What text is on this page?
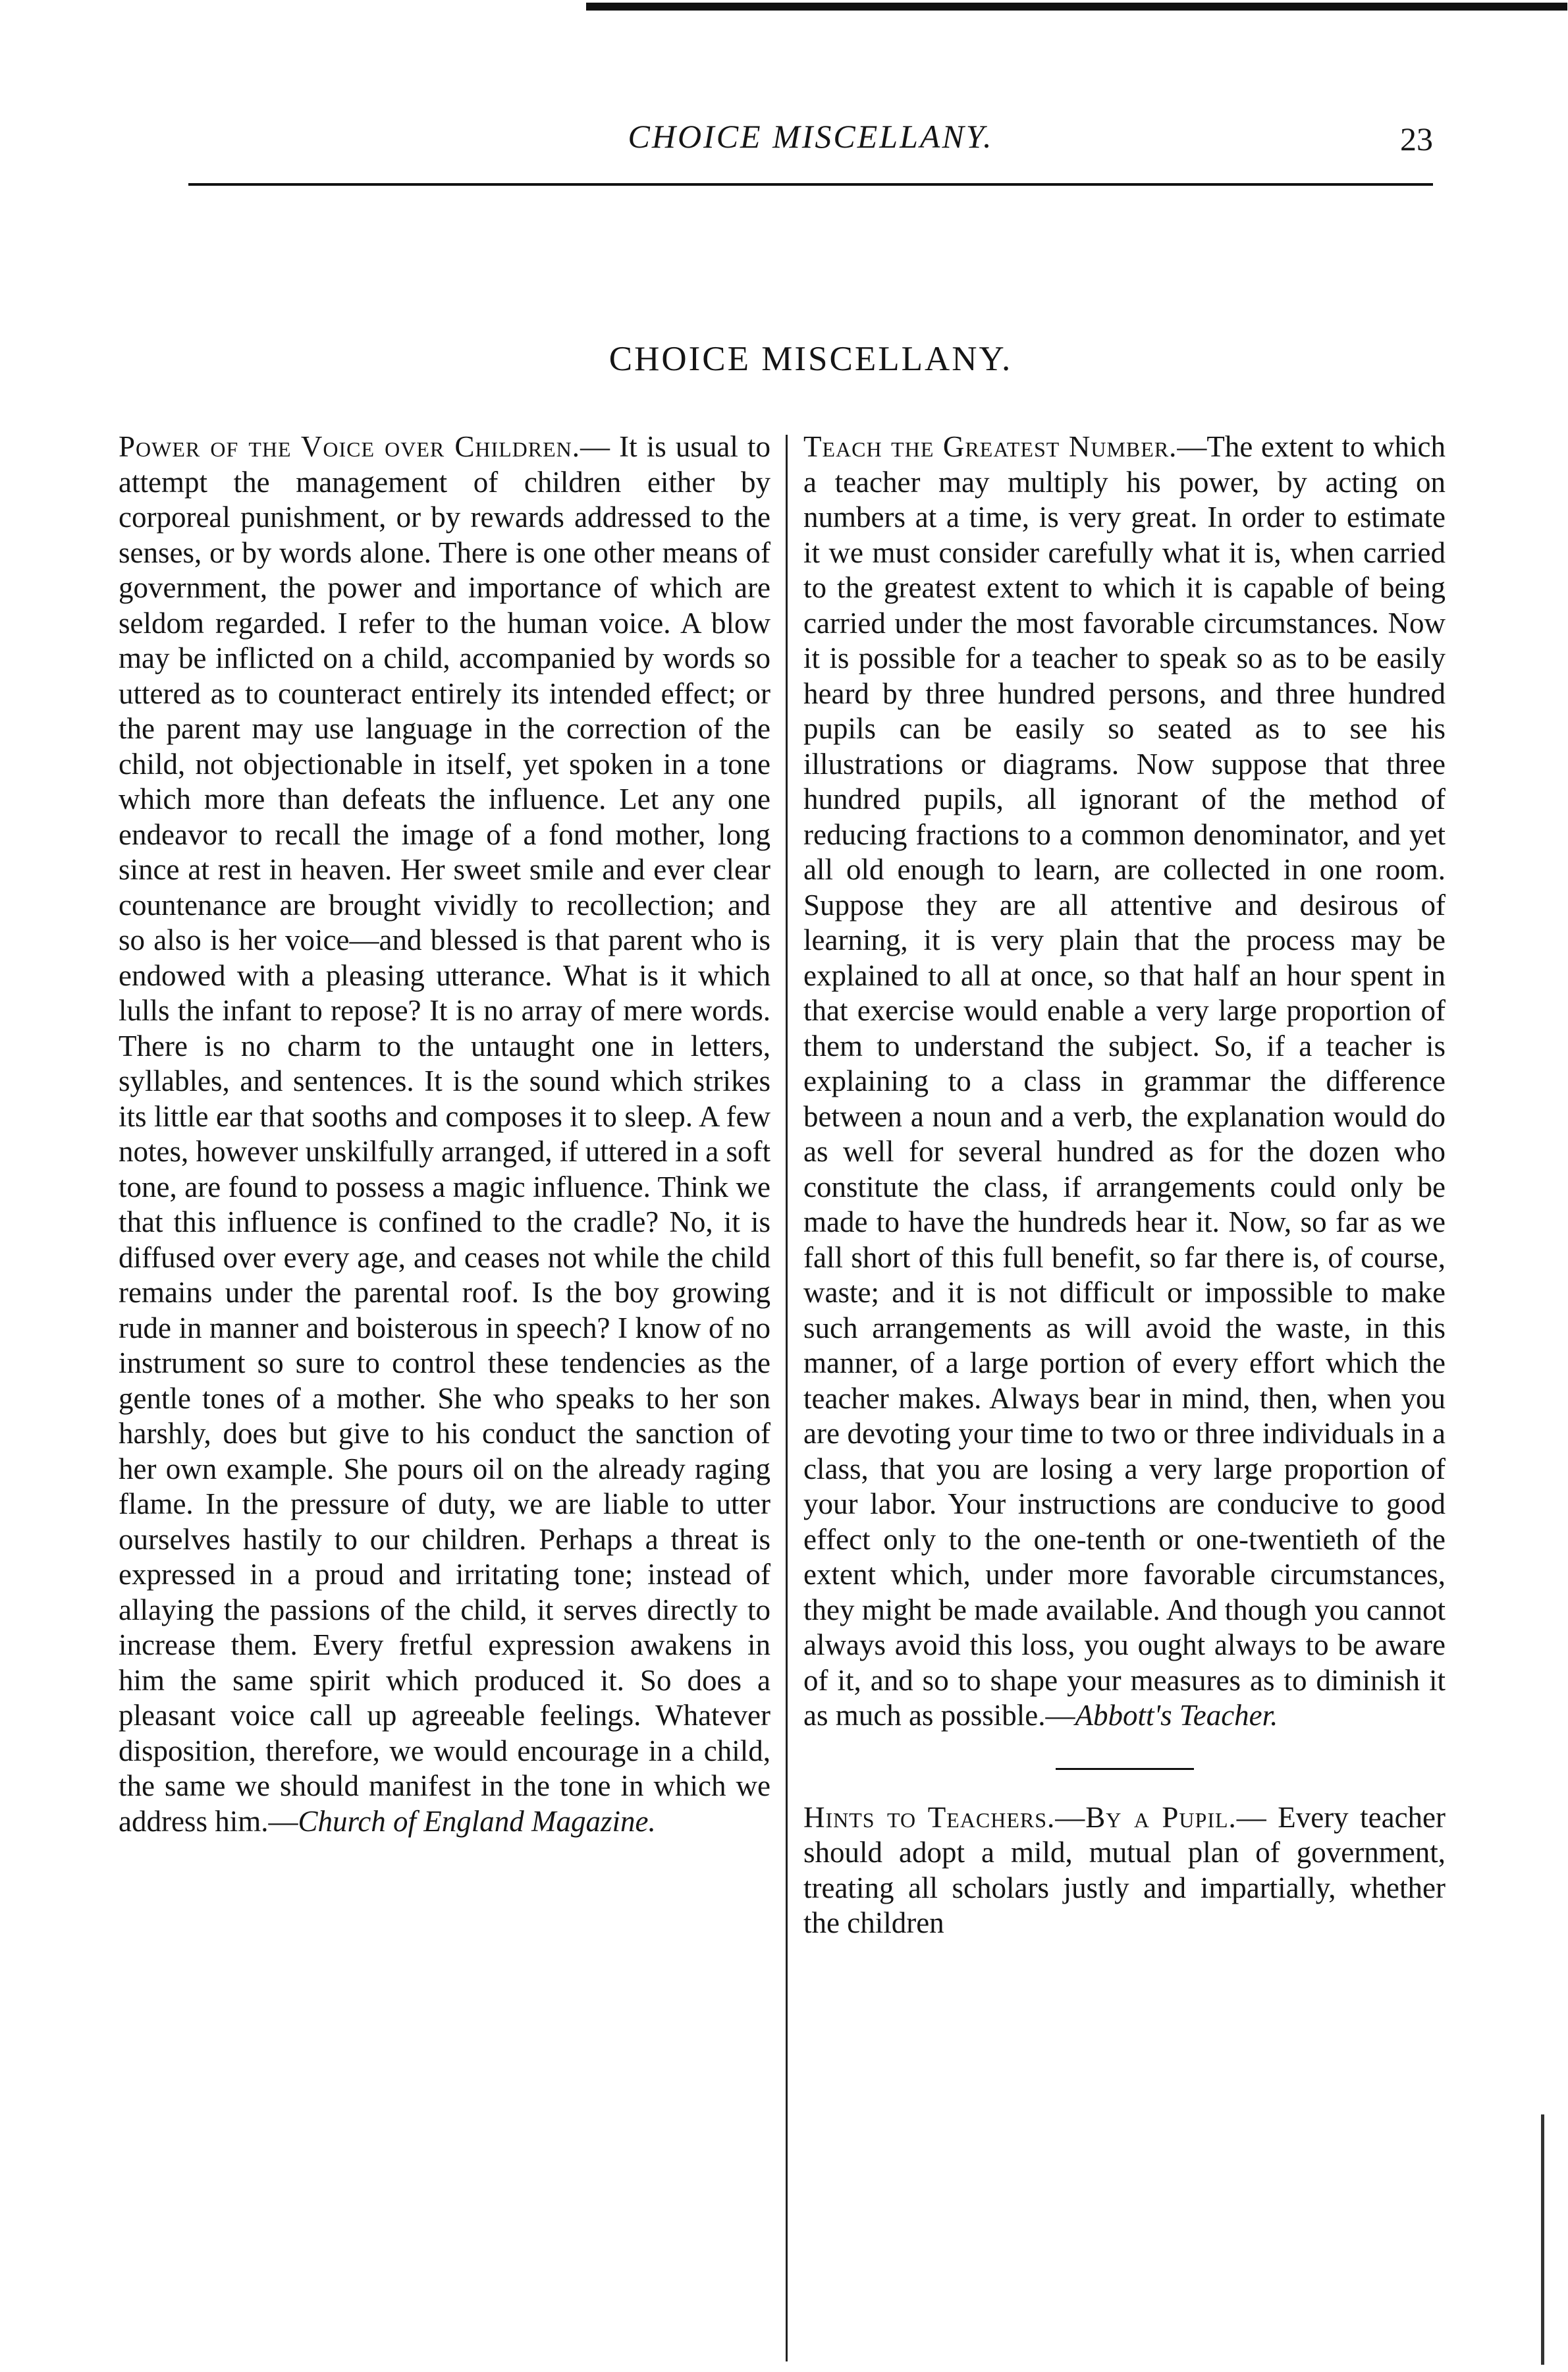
CHOICE MISCELLANY.	23
CHOICE MISCELLANY.

Power of the Voice over Children.— It is usual to attempt the management of children either by corporeal punishment, or by rewards addressed to the senses, or by words alone. There is one other means of government, the power and importance of which are seldom regarded. I refer to the human voice. A blow may be inflicted on a child, accompanied by words so uttered as to counteract entirely its intended effect; or the parent may use language in the correction of the child, not objectionable in itself, yet spoken in a tone which more than defeats the influence. Let any one endeavor to recall the image of a fond mother, long since at rest in heaven. Her sweet smile and ever clear countenance are brought vividly to recollection; and so also is her voice—and blessed is that parent who is endowed with a pleasing utterance. What is it which lulls the infant to repose? It is no array of mere words. There is no charm to the untaught one in letters, syllables, and sentences. It is the sound which strikes its little ear that sooths and composes it to sleep. A few notes, however unskilfully arranged, if uttered in a soft tone, are found to possess a magic influence. Think we that this influence is confined to the cradle? No, it is diffused over every age, and ceases not while the child remains under the parental roof. Is the boy growing rude in manner and boisterous in speech? I know of no instrument so sure to control these tendencies as the gentle tones of a mother. She who speaks to her son harshly, does but give to his conduct the sanction of her own example. She pours oil on the already raging flame. In the pressure of duty, we are liable to utter ourselves hastily to our children. Perhaps a threat is expressed in a proud and irritating tone; instead of allaying the passions of the child, it serves directly to increase them. Every fretful expression awakens in him the same spirit which produced it. So does a pleasant voice call up agreeable feelings. Whatever disposition, therefore, we would encourage in a child, the same we should manifest in the tone in which we address him.—Church of England Magazine.

Teach the Greatest Number.—The extent to which a teacher may multiply his power, by acting on numbers at a time, is very great. In order to estimate it we must consider carefully what it is, when carried to the greatest extent to which it is capable of being carried under the most favorable circumstances. Now it is possible for a teacher to speak so as to be easily heard by three hundred persons, and three hundred pupils can be easily so seated as to see his illustrations or diagrams. Now suppose that three hundred pupils, all ignorant of the method of reducing fractions to a common denominator, and yet all old enough to learn, are collected in one room. Suppose they are all attentive and desirous of learning, it is very plain that the process may be explained to all at once, so that half an hour spent in that exercise would enable a very large proportion of them to understand the subject. So, if a teacher is explaining to a class in grammar the difference between a noun and a verb, the explanation would do as well for several hundred as for the dozen who constitute the class, if arrangements could only be made to have the hundreds hear it. Now, so far as we fall short of this full benefit, so far there is, of course, waste; and it is not difficult or impossible to make such arrangements as will avoid the waste, in this manner, of a large portion of every effort which the teacher makes. Always bear in mind, then, when you are devoting your time to two or three individuals in a class, that you are losing a very large proportion of your labor. Your instructions are conducive to good effect only to the one-tenth or one-twentieth of the extent which, under more favorable circumstances, they might be made available. And though you cannot always avoid this loss, you ought always to be aware of it, and so to shape your measures as to diminish it as much as possible.—Abbott's Teacher.

Hints to Teachers.—By a Pupil.— Every teacher should adopt a mild, mutual plan of government, treating all scholars justly and impartially, whether the children
